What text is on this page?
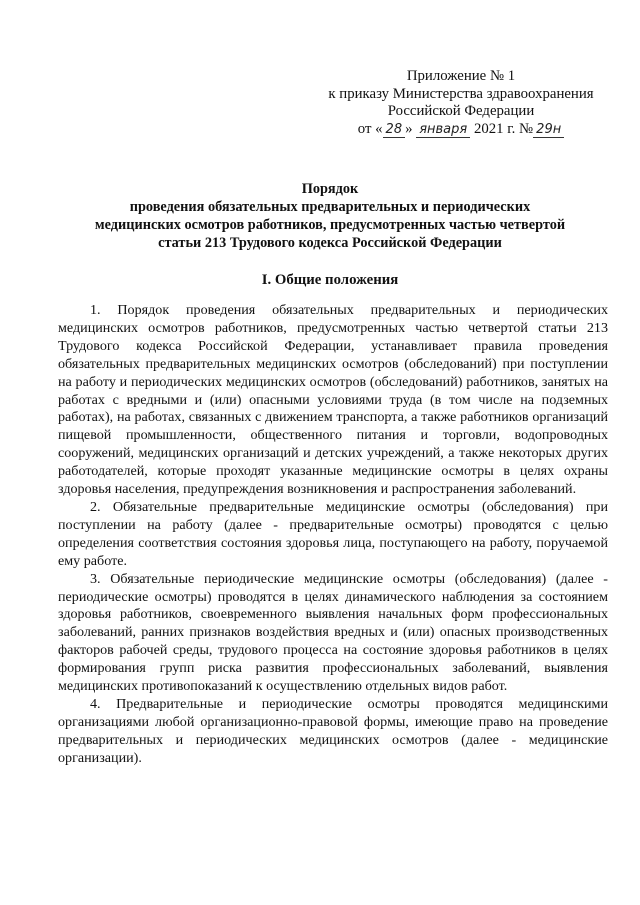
Приложение № 1
к приказу Министерства здравоохранения
Российской Федерации
от « 28 » января 2021 г. № 29н
Порядок
проведения обязательных предварительных и периодических
медицинских осмотров работников, предусмотренных частью четвертой
статьи 213 Трудового кодекса Российской Федерации
I. Общие положения

1. Порядок проведения обязательных предварительных и периодических медицинских осмотров работников, предусмотренных частью четвертой статьи 213 Трудового кодекса Российской Федерации, устанавливает правила проведения обязательных предварительных медицинских осмотров (обследований) при поступлении на работу и периодических медицинских осмотров (обследований) работников, занятых на работах с вредными и (или) опасными условиями труда (в том числе на подземных работах), на работах, связанных с движением транспорта, а также работников организаций пищевой промышленности, общественного питания и торговли, водопроводных сооружений, медицинских организаций и детских учреждений, а также некоторых других работодателей, которые проходят указанные медицинские осмотры в целях охраны здоровья населения, предупреждения возникновения и распространения заболеваний.

2. Обязательные предварительные медицинские осмотры (обследования) при поступлении на работу (далее - предварительные осмотры) проводятся с целью определения соответствия состояния здоровья лица, поступающего на работу, поручаемой ему работе.

3. Обязательные периодические медицинские осмотры (обследования) (далее - периодические осмотры) проводятся в целях динамического наблюдения за состоянием здоровья работников, своевременного выявления начальных форм профессиональных заболеваний, ранних признаков воздействия вредных и (или) опасных производственных факторов рабочей среды, трудового процесса на состояние здоровья работников в целях формирования групп риска развития профессиональных заболеваний, выявления медицинских противопоказаний к осуществлению отдельных видов работ.

4. Предварительные и периодические осмотры проводятся медицинскими организациями любой организационно-правовой формы, имеющие право на проведение предварительных и периодических медицинских осмотров (далее - медицинские организации).
